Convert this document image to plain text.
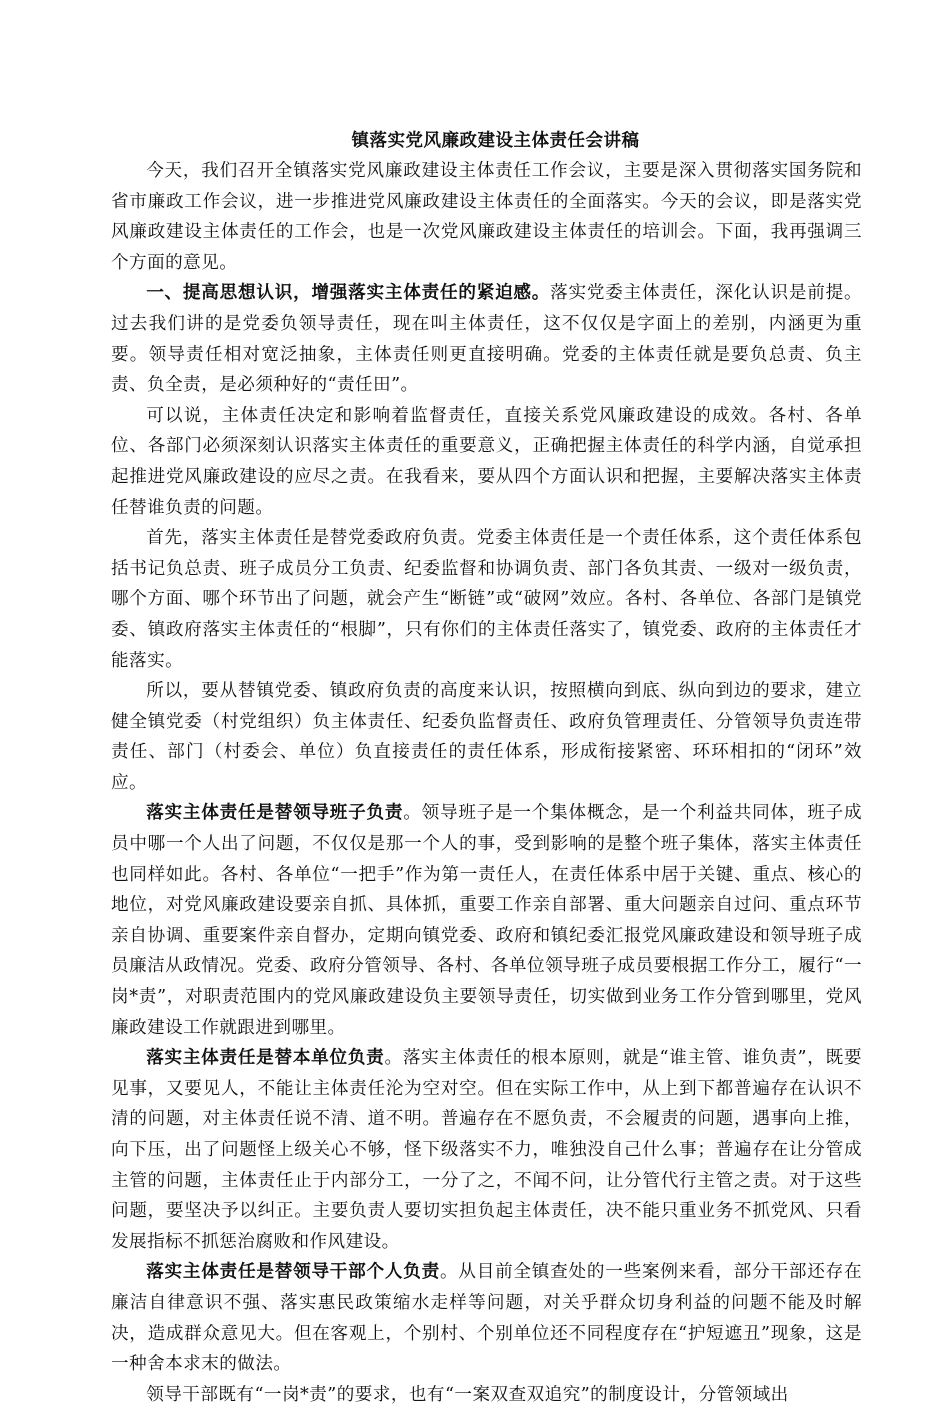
镇落实党风廉政建设主体责任会讲稿

今天，我们召开全镇落实党风廉政建设主体责任工作会议，主要是深入贯彻落实国务院和省市廉政工作会议，进一步推进党风廉政建设主体责任的全面落实。今天的会议，即是落实党风廉政建设主体责任的工作会，也是一次党风廉政建设主体责任的培训会。下面，我再强调三个方面的意见。

一、提高思想认识，增强落实主体责任的紧迫感。落实党委主体责任，深化认识是前提。过去我们讲的是党委负领导责任，现在叫主体责任，这不仅仅是字面上的差别，内涵更为重要。领导责任相对宽泛抽象，主体责任则更直接明确。党委的主体责任就是要负总责、负主责、负全责，是必须种好的“责任田”。

可以说，主体责任决定和影响着监督责任，直接关系党风廉政建设的成效。各村、各单位、各部门必须深刻认识落实主体责任的重要意义，正确把握主体责任的科学内涵，自觉承担起推进党风廉政建设的应尽之责。在我看来，要从四个方面认识和把握，主要解决落实主体责任替谁负责的问题。

首先，落实主体责任是替党委政府负责。党委主体责任是一个责任体系，这个责任体系包括书记负总责、班子成员分工负责、纪委监督和协调负责、部门各负其责、一级对一级负责，哪个方面、哪个环节出了问题，就会产生“断链”或“破网”效应。各村、各单位、各部门是镇党委、镇政府落实主体责任的“根脚”，只有你们的主体责任落实了，镇党委、政府的主体责任才能落实。

所以，要从替镇党委、镇政府负责的高度来认识，按照横向到底、纵向到边的要求，建立健全镇党委（村党组织）负主体责任、纪委负监督责任、政府负管理责任、分管领导负责连带责任、部门（村委会、单位）负直接责任的责任体系，形成衔接紧密、环环相扣的“闭环”效应。

落实主体责任是替领导班子负责。领导班子是一个集体概念，是一个利益共同体，班子成员中哪一个人出了问题，不仅仅是那一个人的事，受到影响的是整个班子集体，落实主体责任也同样如此。各村、各单位“一把手”作为第一责任人，在责任体系中居于关键、重点、核心的地位，对党风廉政建设要亲自抓、具体抓，重要工作亲自部署、重大问题亲自过问、重点环节亲自协调、重要案件亲自督办，定期向镇党委、政府和镇纪委汇报党风廉政建设和领导班子成员廉洁从政情况。党委、政府分管领导、各村、各单位领导班子成员要根据工作分工，履行“一岗*责”，对职责范围内的党风廉政建设负主要领导责任，切实做到业务工作分管到哪里，党风廉政建设工作就跟进到哪里。

落实主体责任是替本单位负责。落实主体责任的根本原则，就是“谁主管、谁负责”，既要见事，又要见人，不能让主体责任沦为空对空。但在实际工作中，从上到下都普遍存在认识不清的问题，对主体责任说不清、道不明。普遍存在不愿负责，不会履责的问题，遇事向上推，向下压，出了问题怪上级关心不够，怪下级落实不力，唯独没自己什么事；普遍存在让分管成主管的问题，主体责任止于内部分工，一分了之，不闻不问，让分管代行主管之责。对于这些问题，要坚决予以纠正。主要负责人要切实担负起主体责任，决不能只重业务不抓党风、只看发展指标不抓惩治腐败和作风建设。

落实主体责任是替领导干部个人负责。从目前全镇查处的一些案例来看，部分干部还存在廉洁自律意识不强、落实惠民政策缩水走样等问题，对关乎群众切身利益的问题不能及时解决，造成群众意见大。但在客观上，个别村、个别单位还不同程度存在“护短遮丑”现象，这是一种舍本求末的做法。

领导干部既有“一岗*责”的要求，也有“一案双查双追究”的制度设计，分管领域出
